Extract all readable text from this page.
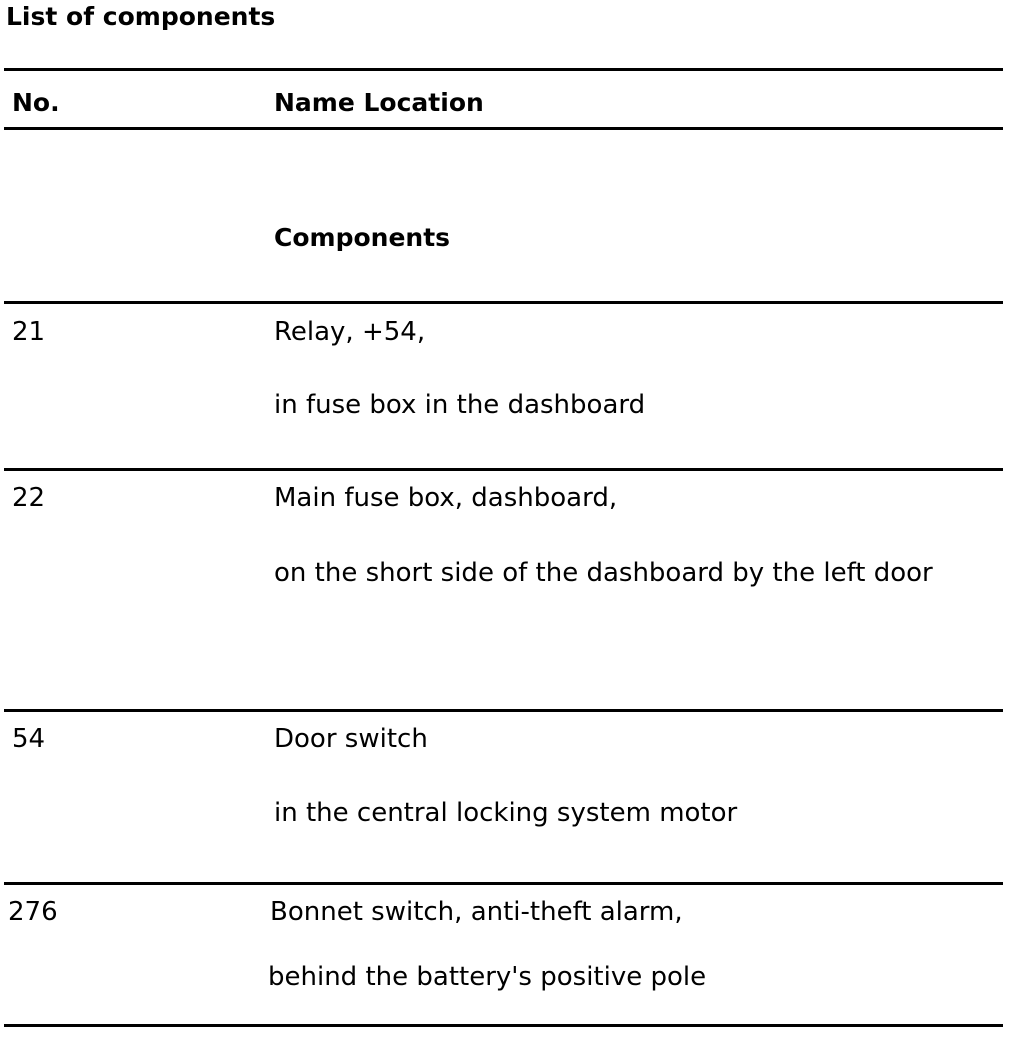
List of components
No.	Name Location
Components
21	Relay, +54,
in fuse box in the dashboard
22	Main fuse box, dashboard,
on the short side of the dashboard by the left door
54	Door switch
in the central locking system motor
276	Bonnet switch, anti-theft alarm,
behind the battery's positive pole
